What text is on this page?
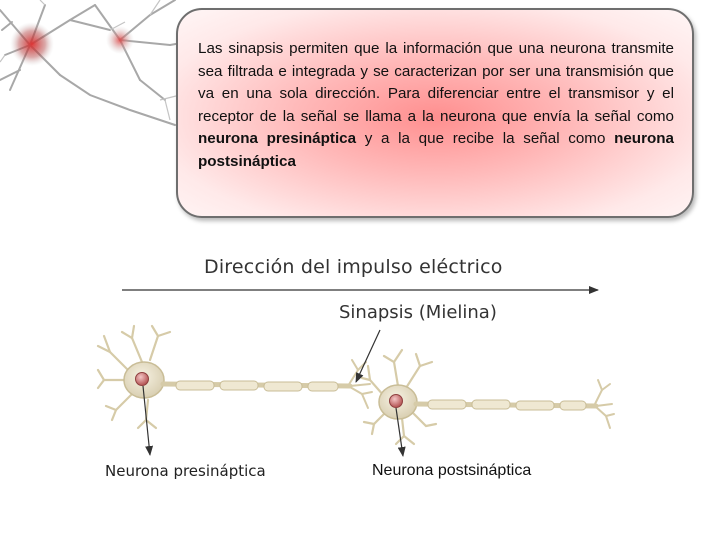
Las sinapsis permiten que la información que una neurona transmite sea filtrada e integrada y se caracterizan por ser una transmisión que va en una sola dirección. Para diferenciar entre el transmisor y el receptor de la señal se llama a la neurona que envía la señal como neurona presináptica y a la que recibe la señal como neurona postsináptica
Dirección del impulso eléctrico
Sinapsis (Mielina)
Neurona presináptica	Neurona postsináptica
